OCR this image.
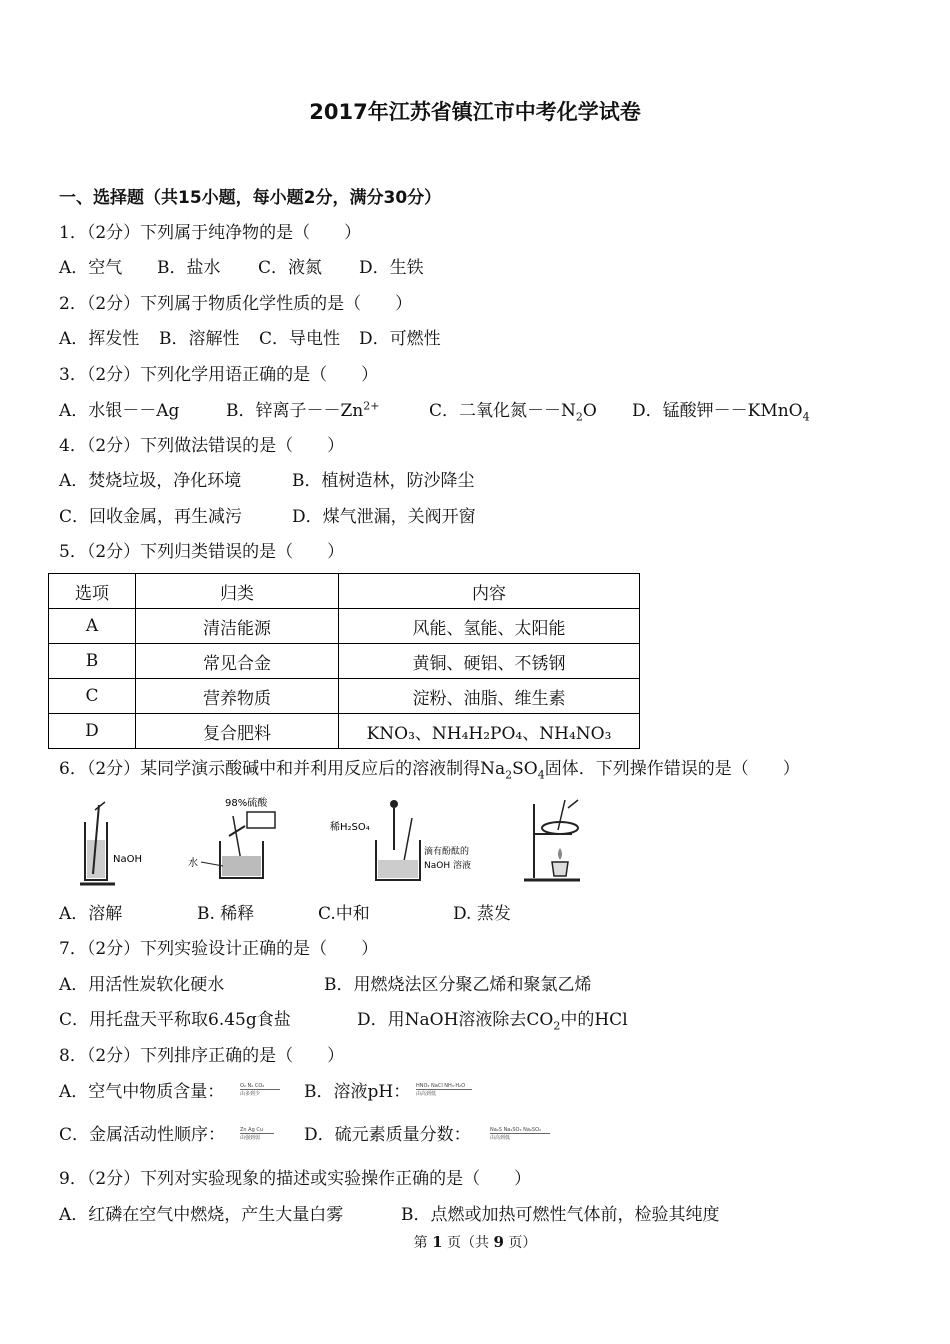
2017年江苏省镇江市中考化学试卷
一、选择题（共15小题，每小题2分，满分30分）
1．（2分）下列属于纯净物的是（　　）
A．空气 B．盐水 C．液氮 D．生铁
2．（2分）下列属于物质化学性质的是（　　）
A．挥发性 B．溶解性 C．导电性 D．可燃性
3．（2分）下列化学用语正确的是（　　）
A．水银－－Ag	B．锌离子$--Zn^{2+}$	C．二氧化氮$--N_2O$ D．锰酸钾－－KMnO$_4$
4．（2分）下列做法错误的是（　　）
A．焚烧垃圾，净化环境	B．植树造林，防沙降尘
C．回收金属，再生减污	D．煤气泄漏，关阀开窗
5．（2分）下列归类错误的是（　　）
选项	归类	内容
A	清洁能源	风能、氢能、太阳能
B	常见合金	黄铜、硬铝、不锈钢
C	营养物质	淀粉、油脂、维生素
D	复合肥料	KNO₃、NH₄H₂PO₄、NH₄NO₃
6．（2分）某同学演示酸碱中和并利用反应后的溶液制得$Na_2SO_4$固体．下列操作错误的是（　　）
NaOH
98%硫酸
水
稀H₂SO₄
滴有酚酞的
NaOH 溶液
A．溶解	B. 稀释	C.中和	D. 蒸发
7．（2分）下列实验设计正确的是（　　）
A．用活性炭软化硬水	B．用燃烧法区分聚乙烯和聚氯乙烯
C．用托盘天平称取6.45g食盐	D．用NaOH溶液除去$CO_2$中的HCl
8．（2分）下列排序正确的是（　　）
A．空气中物质含量：	O₂ N₂ CO₂
由多到少	B．溶液pH： HNO₃ NaCl NH₃·H₂O
由高到低
C．金属活动性顺序：	Zn Ag Cu
由强到弱	D．硫元素质量分数：	Na₂S Na₂SO₃ Na₂SO₄
由高到低
9．（2分）下列对实验现象的描述或实验操作正确的是（　　）
A．红磷在空气中燃烧，产生大量白雾	B．点燃或加热可燃性气体前，检验其纯度
第 1 页（共 9 页）
